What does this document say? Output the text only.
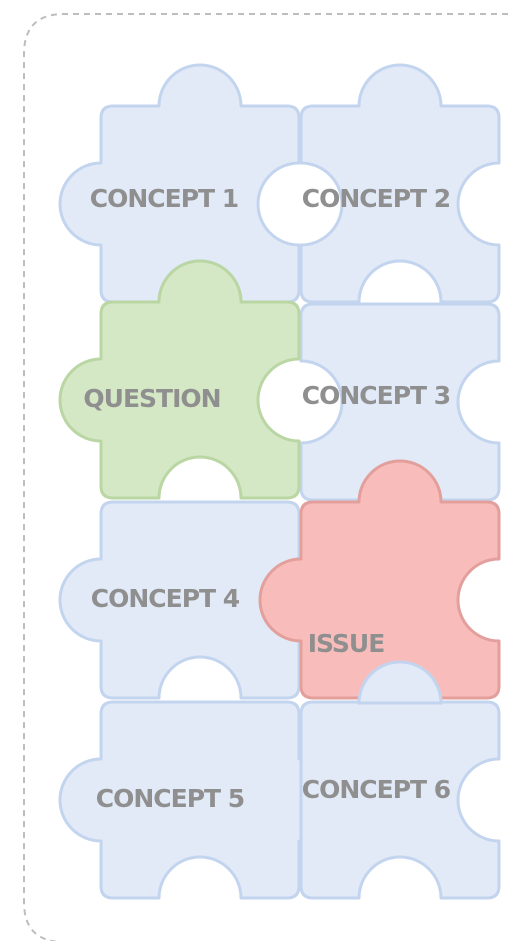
CONCEPT 1	CONCEPT 2
CONCEPT 3
CONCEPT 4
CONCEPT 5 CONCEPT 6
QUESTION
ISSUE
